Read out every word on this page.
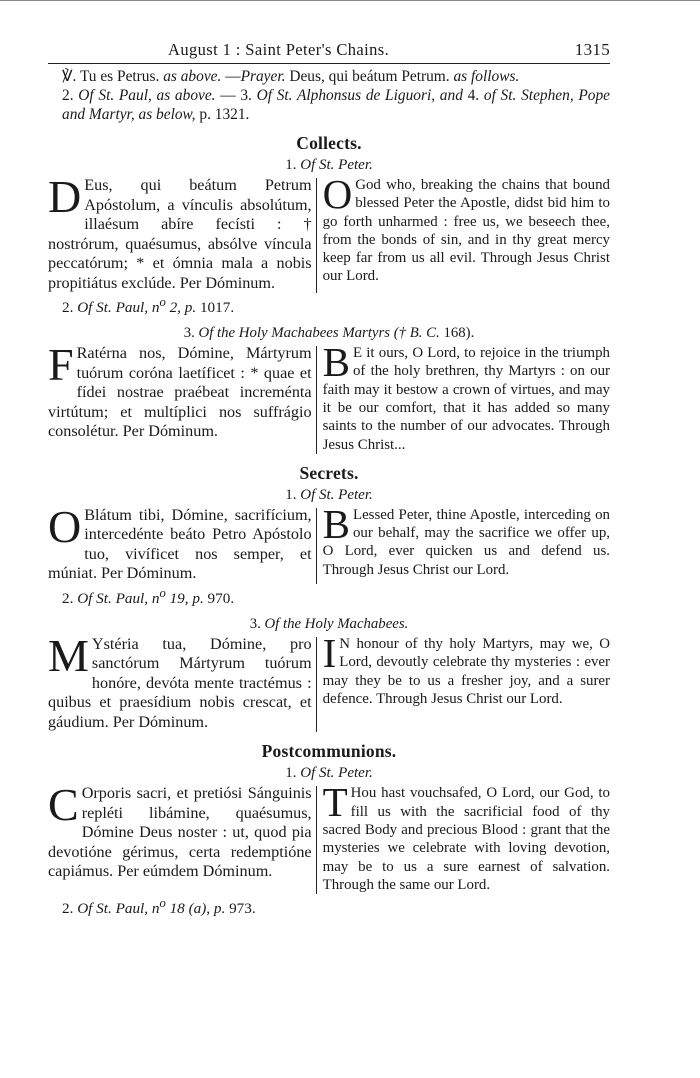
August 1 : Saint Peter's Chains.	1315
℣. Tu es Petrus. as above. —Prayer. Deus, qui beátum Petrum. as follows.
2. Of St. Paul, as above. — 3. Of St. Alphonsus de Liguori, and 4. of St. Stephen, Pope and Martyr, as below, p. 1321.
Collects.
1. Of St. Peter.
D Eus, qui beátum Petrum Apóstolum, a vínculis absolútum, illaésum abíre fecísti : † nostrórum, quaésumus, absólve víncula peccatórum; * et ómnia mala a nobis propitiátus exclúde. Per Dóminum.
O God who, breaking the chains that bound blessed Peter the Apostle, didst bid him to go forth unharmed : free us, we beseech thee, from the bonds of sin, and in thy great mercy keep far from us all evil. Through Jesus Christ our Lord.
2. Of St. Paul, $n^o$ 2, p. 1017.
3. Of the Holy Machabees Martyrs († B. C. 168).
F Ratérna nos, Dómine, Mártyrum tuórum coróna laetíficet : * quae et fídei nostrae praébeat increménta virtútum; et multíplici nos suffrágio consolétur. Per Dóminum.
B E it ours, O Lord, to rejoice in the triumph of the holy brethren, thy Martyrs : on our faith may it bestow a crown of virtues, and may it be our comfort, that it has added so many saints to the number of our advocates. Through Jesus Christ...
Secrets.
1. Of St. Peter.
O Blátum tibi, Dómine, sacrifícium, intercedénte beáto Petro Apóstolo tuo, vivíficet nos semper, et múniat. Per Dóminum.
B Lessed Peter, thine Apostle, interceding on our behalf, may the sacrifice we offer up, O Lord, ever quicken us and defend us. Through Jesus Christ our Lord.
2. Of St. Paul, $n^o$ 19, p. 970.
3. Of the Holy Machabees.
M Ystéria tua, Dómine, pro sanctórum Mártyrum tuórum honóre, devóta mente tractémus : quibus et praesídium nobis crescat, et gáudium. Per Dóminum.
I N honour of thy holy Martyrs, may we, O Lord, devoutly celebrate thy mysteries : ever may they be to us a fresher joy, and a surer defence. Through Jesus Christ our Lord.
Postcommunions.
1. Of St. Peter.
C Orporis sacri, et pretiósi Sánguinis repléti libámine, quaésumus, Dómine Deus noster : ut, quod pia devotióne gérimus, certa redemptióne capiámus. Per eúmdem Dóminum.
T Hou hast vouchsafed, O Lord, our God, to fill us with the sacrificial food of thy sacred Body and precious Blood : grant that the mysteries we celebrate with loving devotion, may be to us a sure earnest of salvation. Through the same our Lord.
2. Of St. Paul, $n^o$ 18 (a), p. 973.
